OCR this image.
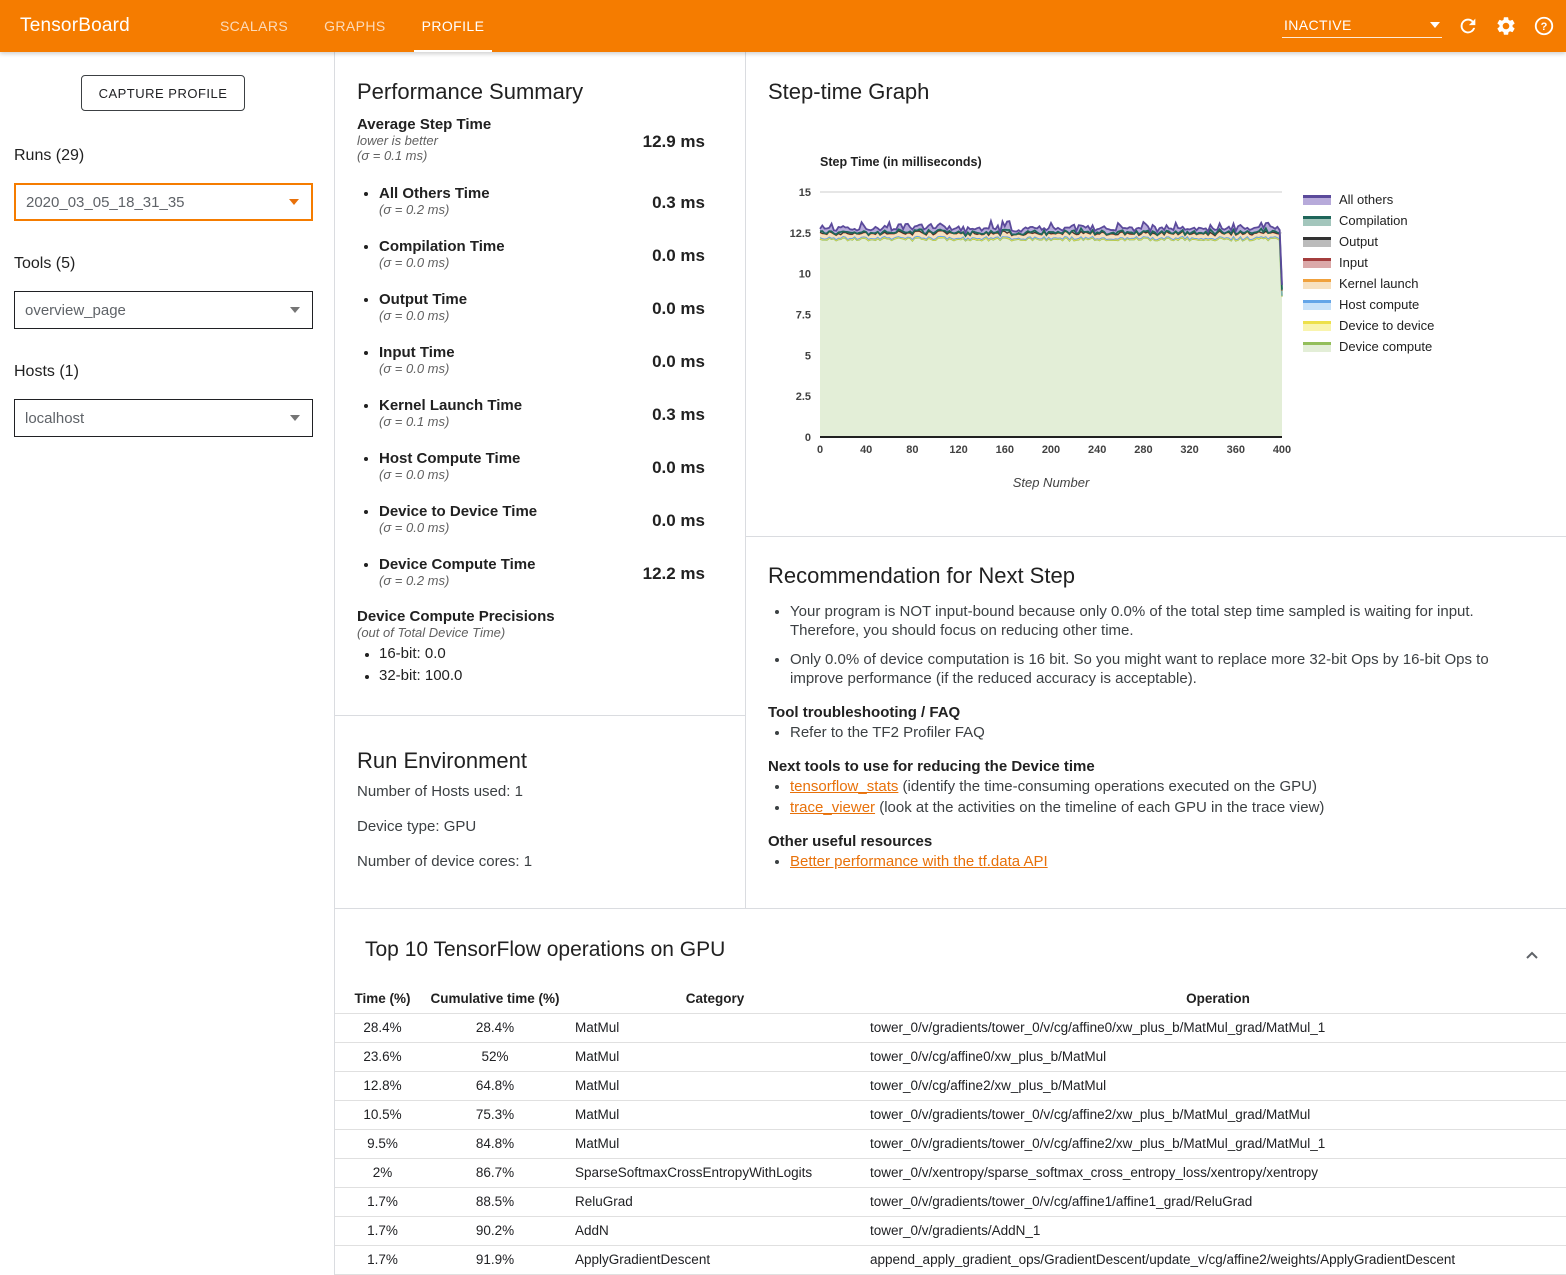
TensorBoard	SCALARS	GRAPHS	PROFILE	INACTIVE	?
CAPTURE PROFILE
Runs (29)
2020_03_05_18_31_35
Tools (5)
overview_page
Hosts (1)
localhost
Performance Summary
Average Step Time
lower is better
(σ = 0.1 ms)
12.9 ms
All Others Time
(σ = 0.2 ms)	0.3 ms
Compilation Time
(σ = 0.0 ms)	0.0 ms
Output Time
(σ = 0.0 ms)	0.0 ms
Input Time
(σ = 0.0 ms)	0.0 ms
Kernel Launch Time
(σ = 0.1 ms)	0.3 ms
Host Compute Time
(σ = 0.0 ms)	0.0 ms
Device to Device Time
(σ = 0.0 ms)	0.0 ms
Device Compute Time
(σ = 0.2 ms)	12.2 ms
Device Compute Precisions
(out of Total Device Time)
16-bit: 0.0
32-bit: 100.0
Run Environment
Step-time Graph
Step Time (in milliseconds)
0
2.5
5
7.5
10
12.5
15
0	40	80	120	160	200	240	280	320	360	400
Step Number
All others
Compilation
Output
Input
Kernel launch
Host compute
Device to device
Device compute
Recommendation for Next Step
• Your program is NOT input-bound because only 0.0% of the total step time sampled is waiting for input. Therefore, you should focus on reducing other time.
• Only 0.0% of device computation is 16 bit. So you might want to replace more 32-bit Ops by 16-bit Ops to improve performance (if the reduced accuracy is acceptable).
Tool troubleshooting / FAQ
• Refer to the TF2 Profiler FAQ
Next tools to use for reducing the Device time
• tensorflow_stats (identify the time-consuming operations executed on the GPU)
• trace_viewer (look at the activities on the timeline of each GPU in the trace view)
Other useful resources
• Better performance with the tf.data API
Top 10 TensorFlow operations on GPU
Time (%)	Cumulative time (%)	Category	Operation
28.4%	28.4%	MatMul	tower_0/v/gradients/tower_0/v/cg/affine0/xw_plus_b/MatMul_grad/MatMul_1
23.6%	52%	MatMul	tower_0/v/cg/affine0/xw_plus_b/MatMul
12.8%	64.8%	MatMul	tower_0/v/cg/affine2/xw_plus_b/MatMul
10.5%	75.3%	MatMul	tower_0/v/gradients/tower_0/v/cg/affine2/xw_plus_b/MatMul_grad/MatMul
9.5%	84.8%	MatMul	tower_0/v/gradients/tower_0/v/cg/affine2/xw_plus_b/MatMul_grad/MatMul_1
2%	86.7%	SparseSoftmaxCrossEntropyWithLogits	tower_0/v/xentropy/sparse_softmax_cross_entropy_loss/xentropy/xentropy
1.7%	88.5%	ReluGrad	tower_0/v/gradients/tower_0/v/cg/affine1/affine1_grad/ReluGrad
1.7%	90.2%	AddN	tower_0/v/gradients/AddN_1
1.7%	91.9%	ApplyGradientDescent	append_apply_gradient_ops/GradientDescent/update_v/cg/affine2/weights/ApplyGradientDescent
Number of Hosts used: 1
Device type: GPU
Number of device cores: 1
